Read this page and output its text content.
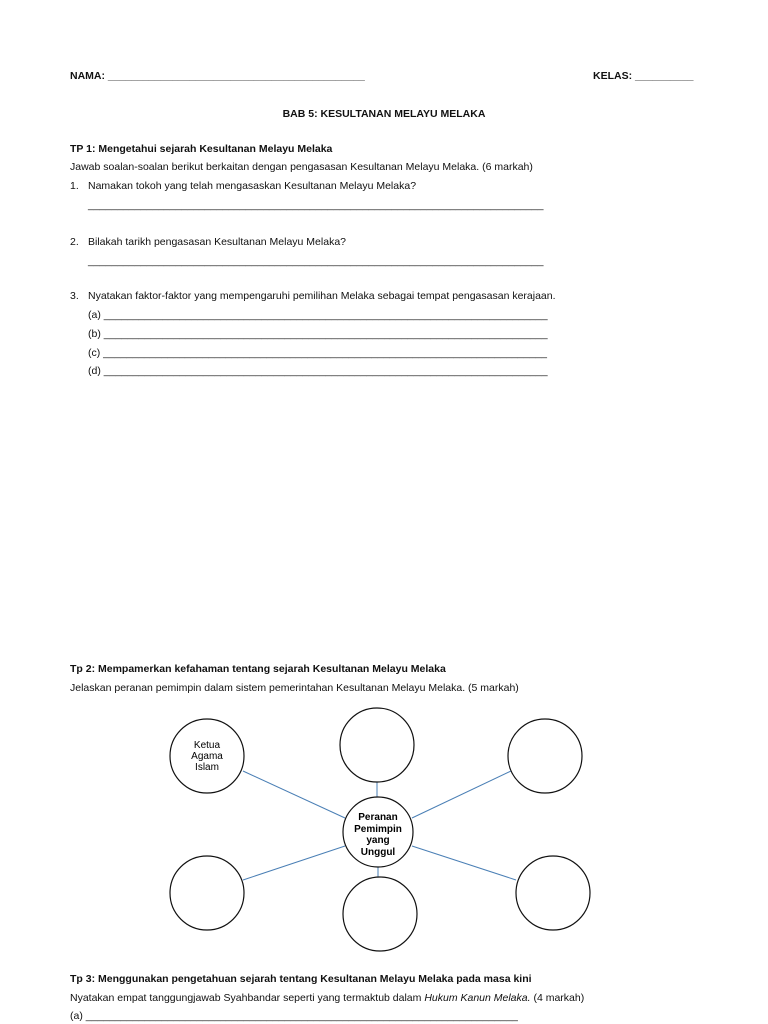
NAMA: ____________________________________________	KELAS: __________
BAB 5: KESULTANAN MELAYU MELAKA
TP 1: Mengetahui sejarah Kesultanan Melayu Melaka
Jawab soalan-soalan berikut berkaitan dengan pengasasan Kesultanan Melayu Melaka. (6 markah)
1. Namakan tokoh yang telah mengasaskan Kesultanan Melayu Melaka?
______________________________________________________________________________
2. Bilakah tarikh pengasasan Kesultanan Melayu Melaka?
______________________________________________________________________________
3. Nyatakan faktor-faktor yang mempengaruhi pemilihan Melaka sebagai tempat pengasasan kerajaan.
(a) ____________________________________________________________________________
(b) ____________________________________________________________________________
(c) ____________________________________________________________________________
(d) ____________________________________________________________________________
Tp 2: Mempamerkan kefahaman tentang sejarah Kesultanan Melayu Melaka
Jelaskan peranan pemimpin dalam sistem pemerintahan Kesultanan Melayu Melaka. (5 markah)
Ketua
Agama
Islam
Peranan
Pemimpin
yang
Unggul
Tp 3: Menggunakan pengetahuan sejarah tentang Kesultanan Melayu Melaka pada masa kini
Nyatakan empat tanggungjawab Syahbandar seperti yang termaktub dalam Hukum Kanun Melaka. (4 markah)
(a) __________________________________________________________________________
